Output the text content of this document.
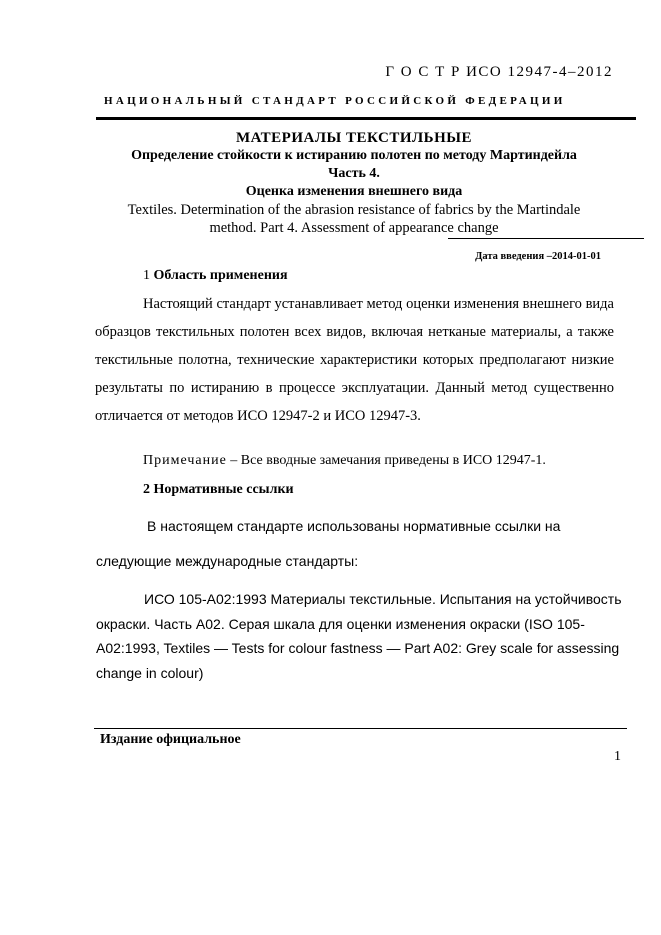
Г О С Т Р ИСО 12947-4–2012
НАЦИОНАЛЬНЫЙ СТАНДАРТ РОССИЙСКОЙ ФЕДЕРАЦИИ
МАТЕРИАЛЫ ТЕКСТИЛЬНЫЕ
Определение стойкости к истиранию полотен по методу Мартиндейла
Часть 4.
Оценка изменения внешнего вида
Textiles. Determination of the abrasion resistance of fabrics by the Martindale
method. Part 4. Assessment of appearance change
Дата введения –2014-01-01
1 Область применения
Настоящий стандарт устанавливает метод оценки изменения внешнего вида образцов текстильных полотен всех видов, включая нетканые материалы, а также текстильные полотна, технические характеристики которых предполагают низкие результаты по истиранию в процессе эксплуатации. Данный метод существенно отличается от методов ИСО 12947-2 и ИСО 12947-3.
Примечание – Все вводные замечания приведены в ИСО 12947-1.
2 Нормативные ссылки
В настоящем стандарте использованы нормативные ссылки на
следующие международные стандарты:
ИСО 105-А02:1993 Материалы текстильные. Испытания на устойчивость окраски. Часть А02. Серая шкала для оценки изменения окраски (ISO 105-A02:1993, Textiles — Tests for colour fastness — Part A02: Grey scale for assessing change in colour)
Издание официальное
1
